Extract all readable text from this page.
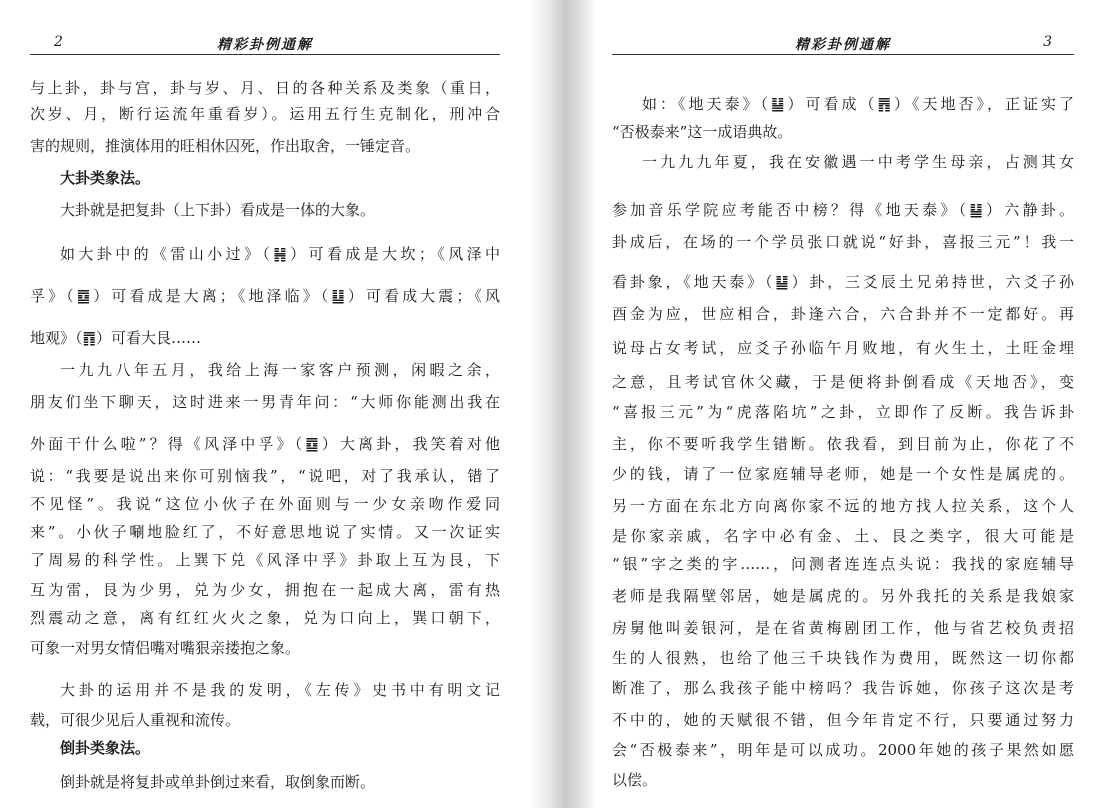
2	精彩卦例通解
与上卦，卦与宫，卦与岁、月、日的各种关系及类象（重日，
次岁、月，断行运流年重看岁）。运用五行生克制化，刑冲合
害的规则，推演体用的旺相休囚死，作出取舍，一锤定音。
大卦类象法。
大卦就是把复卦（上下卦）看成是一体的大象。
如大卦中的《雷山小过》（䷽）可看成是大坎；《风泽中
孚》（䷼）可看成是大离；《地泽临》（䷒）可看成大震；《风
地观》（䷓）可看大艮……
一九九八年五月，我给上海一家客户预测，闲暇之余，
朋友们坐下聊天，这时进来一男青年问：“大师你能测出我在
外面干什么啦”？得《风泽中孚》（䷼）大离卦，我笑着对他
说：“我要是说出来你可别恼我”，“说吧，对了我承认，错了
不见怪”。我说“这位小伙子在外面则与一少女亲吻作爱同
来”。小伙子唰地脸红了，不好意思地说了实情。又一次证实
了周易的科学性。上巽下兑《风泽中孚》卦取上互为艮，下
互为雷，艮为少男，兑为少女，拥抱在一起成大离，雷有热
烈震动之意，离有红红火火之象，兑为口向上，巽口朝下，
可象一对男女情侣嘴对嘴狠亲搂抱之象。
大卦的运用并不是我的发明，《左传》史书中有明文记
载，可很少见后人重视和流传。
倒卦类象法。
倒卦就是将复卦或单卦倒过来看，取倒象而断。
精彩卦例通解	3
如：《地天泰》（䷊）可看成（䷋）《天地否》，正证实了
“否极泰来”这一成语典故。
一九九九年夏，我在安徽遇一中考学生母亲，占测其女
参加音乐学院应考能否中榜？得《地天泰》（䷊）六静卦。
卦成后，在场的一个学员张口就说“好卦，喜报三元”！我一
看卦象，《地天泰》（䷊）卦，三爻辰土兄弟持世，六爻子孙
酉金为应，世应相合，卦逢六合，六合卦并不一定都好。再
说母占女考试，应爻子孙临午月败地，有火生土，土旺金埋
之意，且考试官休父藏，于是便将卦倒看成《天地否》，变
“喜报三元”为“虎落陷坑”之卦，立即作了反断。我告诉卦
主，你不要听我学生错断。依我看，到目前为止，你花了不
少的钱，请了一位家庭辅导老师，她是一个女性是属虎的。
另一方面在东北方向离你家不远的地方找人拉关系，这个人
是你家亲戚，名字中必有金、土、艮之类字，很大可能是
“银”字之类的字……，问测者连连点头说：我找的家庭辅导
老师是我隔壁邻居，她是属虎的。另外我托的关系是我娘家
房舅他叫姜银河，是在省黄梅剧团工作，他与省艺校负责招
生的人很熟，也给了他三千块钱作为费用，既然这一切你都
断准了，那么我孩子能中榜吗？我告诉她，你孩子这次是考
不中的，她的天赋很不错，但今年肯定不行，只要通过努力
会“否极泰来”，明年是可以成功。2000年她的孩子果然如愿
以偿。
